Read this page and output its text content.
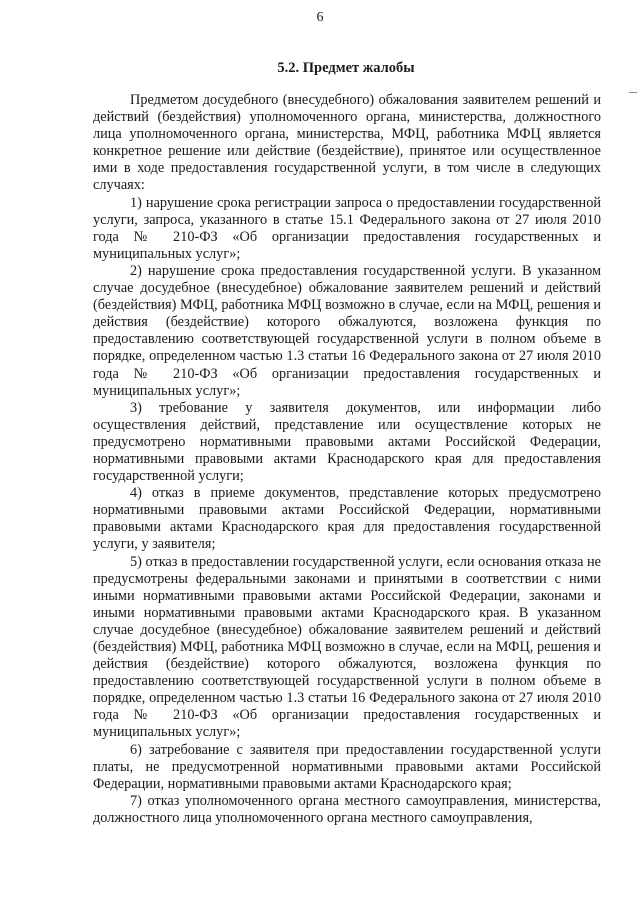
6
5.2. Предмет жалобы

Предметом досудебного (внесудебного) обжалования заявителем решений и действий (бездействия) уполномоченного органа, министерства, должностного лица уполномоченного органа, министерства, МФЦ, работника МФЦ является конкретное решение или действие (бездействие), принятое или осуществленное ими в ходе предоставления государственной услуги, в том числе в следующих случаях:

1) нарушение срока регистрации запроса о предоставлении государственной услуги, запроса, указанного в статье 15.1 Федерального закона от 27 июля 2010 года № 210-ФЗ «Об организации предоставления государственных и муниципальных услуг»;

2) нарушение срока предоставления государственной услуги. В указанном случае досудебное (внесудебное) обжалование заявителем решений и действий (бездействия) МФЦ, работника МФЦ возможно в случае, если на МФЦ, решения и действия (бездействие) которого обжалуются, возложена функция по предоставлению соответствующей государственной услуги в полном объеме в порядке, определенном частью 1.3 статьи 16 Федерального закона от 27 июля 2010 года № 210-ФЗ «Об организации предоставления государственных и муниципальных услуг»;

3) требование у заявителя документов, или информации либо осуществления действий, представление или осуществление которых не предусмотрено нормативными правовыми актами Российской Федерации, нормативными правовыми актами Краснодарского края для предоставления государственной услуги;

4) отказ в приеме документов, представление которых предусмотрено нормативными правовыми актами Российской Федерации, нормативными правовыми актами Краснодарского края для предоставления государственной услуги, у заявителя;

5) отказ в предоставлении государственной услуги, если основания отказа не предусмотрены федеральными законами и принятыми в соответствии с ними иными нормативными правовыми актами Российской Федерации, законами и иными нормативными правовыми актами Краснодарского края. В указанном случае досудебное (внесудебное) обжалование заявителем решений и действий (бездействия) МФЦ, работника МФЦ возможно в случае, если на МФЦ, решения и действия (бездействие) которого обжалуются, возложена функция по предоставлению соответствующей государственной услуги в полном объеме в порядке, определенном частью 1.3 статьи 16 Федерального закона от 27 июля 2010 года № 210-ФЗ «Об организации предоставления государственных и муниципальных услуг»;

6) затребование с заявителя при предоставлении государственной услуги платы, не предусмотренной нормативными правовыми актами Российской Федерации, нормативными правовыми актами Краснодарского края;

7) отказ уполномоченного органа местного самоуправления, министерства, должностного лица уполномоченного органа местного самоуправления,
